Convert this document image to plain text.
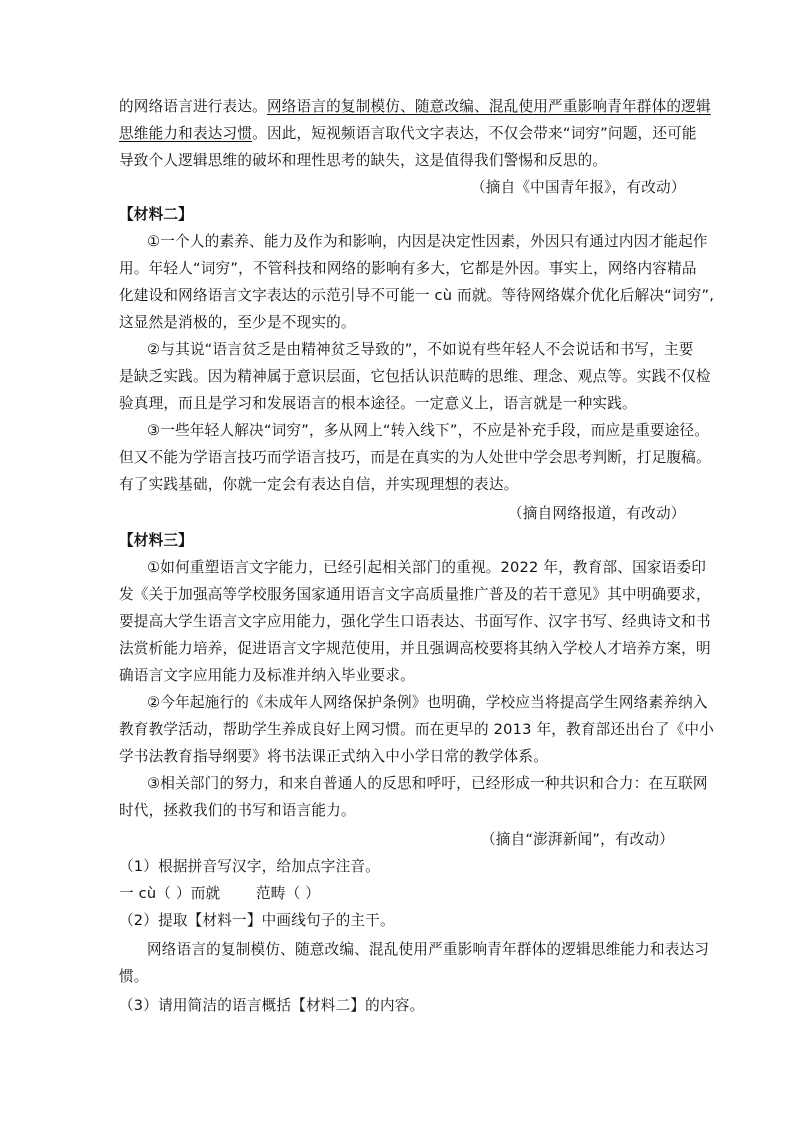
的网络语言进行表达。网络语言的复制模仿、随意改编、混乱使用严重影响青年群体的逻辑
思维能力和表达习惯。因此，短视频语言取代文字表达，不仅会带来“词穷”问题，还可能
导致个人逻辑思维的破坏和理性思考的缺失，这是值得我们警惕和反思的。
（摘自《中国青年报》，有改动）
【材料二】
①一个人的素养、能力及作为和影响，内因是决定性因素，外因只有通过内因才能起作
用。年轻人“词穷”，不管科技和网络的影响有多大，它都是外因。事实上，网络内容精品
化建设和网络语言文字表达的示范引导不可能一 cù 而就。等待网络媒介优化后解决“词穷”,
这显然是消极的，至少是不现实的。
②与其说“语言贫乏是由精神贫乏导致的”，不如说有些年轻人不会说话和书写，主要
是缺乏实践。因为精神属于意识层面，它包括认识范畴的思维、理念、观点等。实践不仅检
验真理，而且是学习和发展语言的根本途径。一定意义上，语言就是一种实践。
③一些年轻人解决“词穷”，多从网上“转入线下”，不应是补充手段，而应是重要途径。
但又不能为学语言技巧而学语言技巧，而是在真实的为人处世中学会思考判断，打足腹稿。
有了实践基础，你就一定会有表达自信，并实现理想的表达。
（摘自网络报道，有改动）
【材料三】
①如何重塑语言文字能力，已经引起相关部门的重视。2022 年，教育部、国家语委印
发《关于加强高等学校服务国家通用语言文字高质量推广普及的若干意见》其中明确要求，
要提高大学生语言文字应用能力，强化学生口语表达、书面写作、汉字书写、经典诗文和书
法赏析能力培养，促进语言文字规范使用，并且强调高校要将其纳入学校人才培养方案，明
确语言文字应用能力及标准并纳入毕业要求。
②今年起施行的《未成年人网络保护条例》也明确，学校应当将提高学生网络素养纳入
教育教学活动，帮助学生养成良好上网习惯。而在更早的 2013 年，教育部还出台了《中小
学书法教育指导纲要》将书法课正式纳入中小学日常的教学体系。
③相关部门的努力，和来自普通人的反思和呼吁，已经形成一种共识和合力：在互联网
时代，拯救我们的书写和语言能力。
（摘自“澎湃新闻”，有改动）
（1）根据拼音写汉字，给加点字注音。
一 cù（ ）而就 范畴（ ）
（2）提取【材料一】中画线句子的主干。
网络语言的复制模仿、随意改编、混乱使用严重影响青年群体的逻辑思维能力和表达习
惯。
（3）请用简洁的语言概括【材料二】的内容。
